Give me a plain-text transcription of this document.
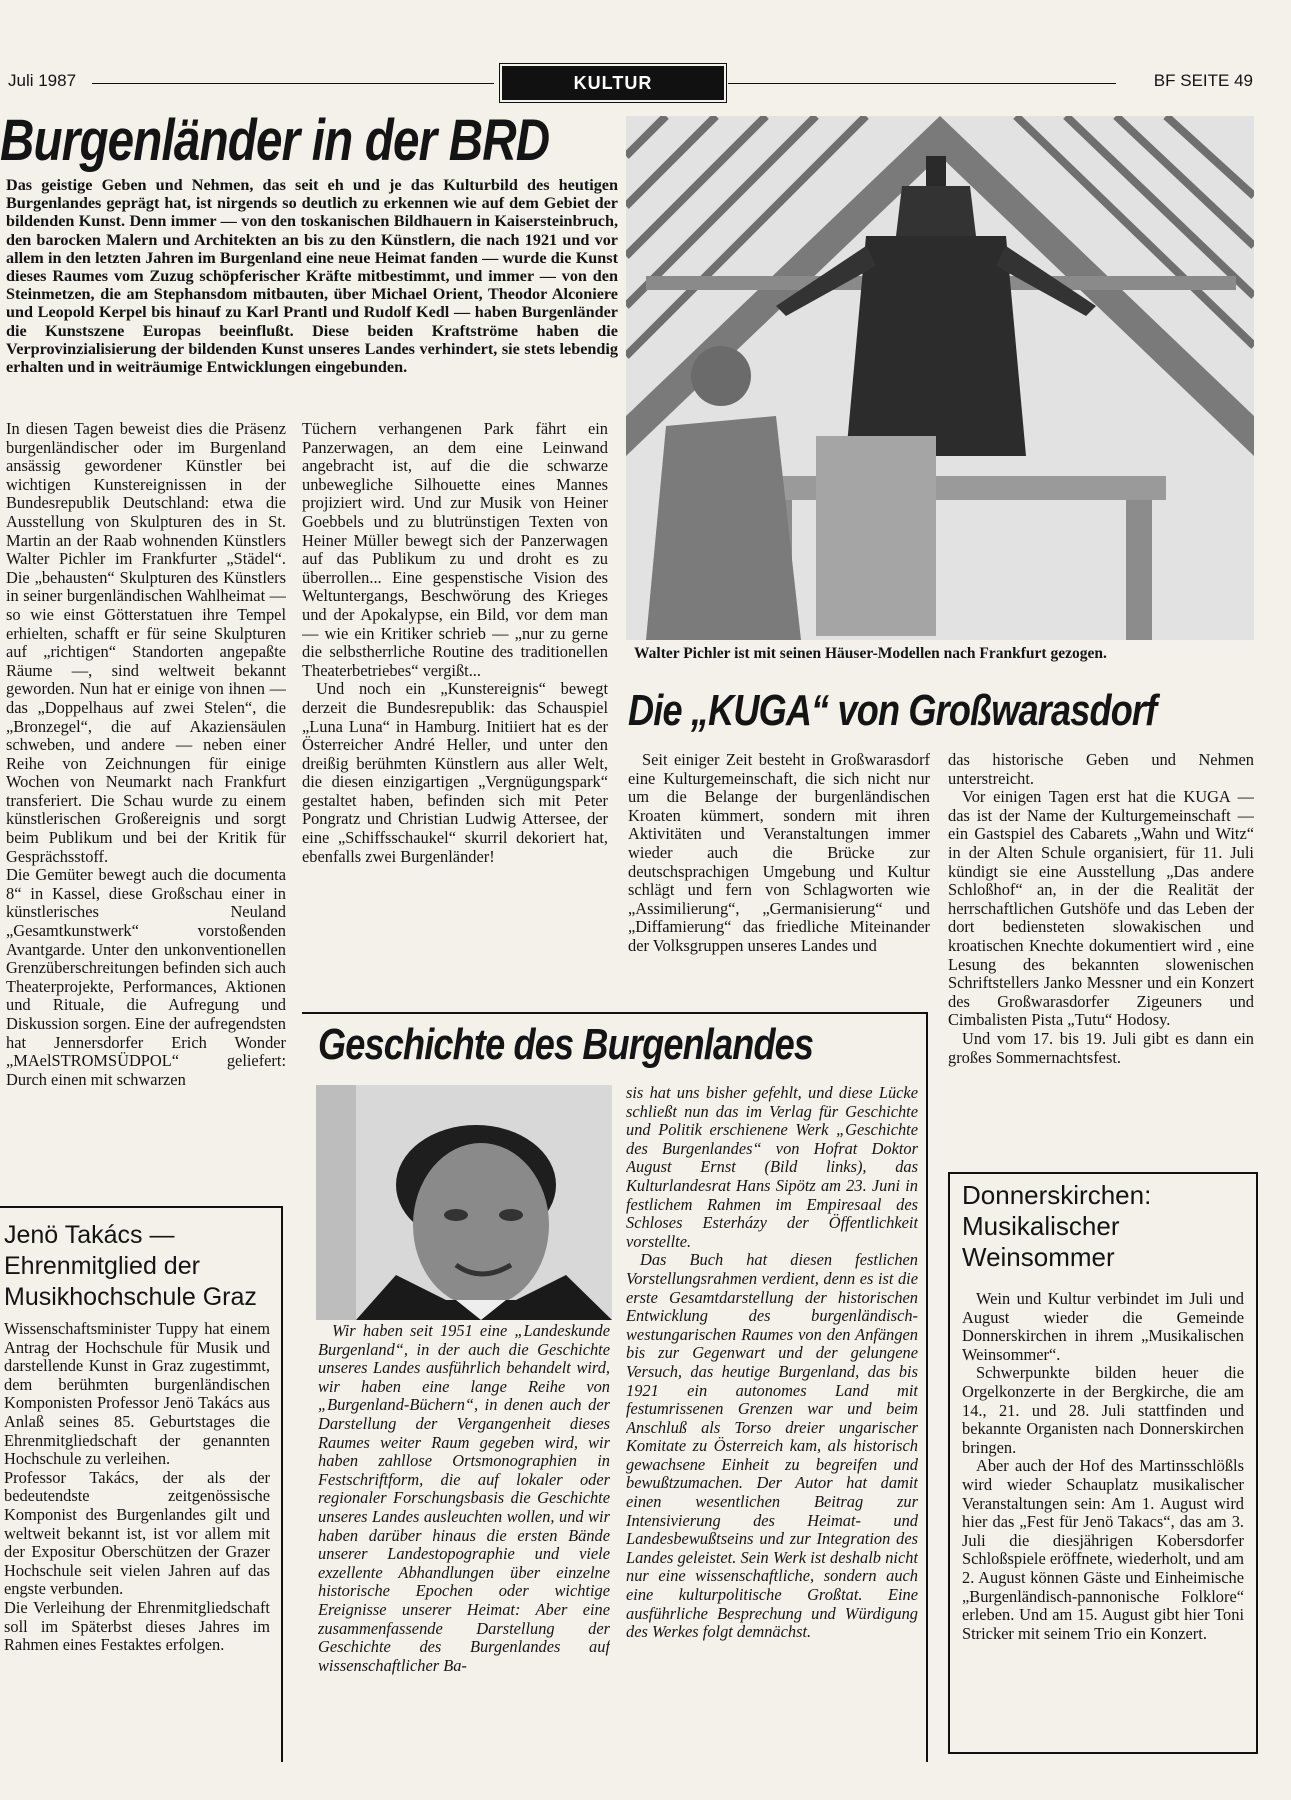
Juli 1987	KULTUR	BF SEITE 49
Burgenländer in der BRD
Das geistige Geben und Nehmen, das seit eh und je das Kulturbild des heutigen Burgenlandes geprägt hat, ist nirgends so deutlich zu erkennen wie auf dem Gebiet der bildenden Kunst. Denn immer — von den toskanischen Bildhauern in Kaisersteinbruch, den barocken Malern und Architekten an bis zu den Künstlern, die nach 1921 und vor allem in den letzten Jahren im Burgenland eine neue Heimat fanden — wurde die Kunst dieses Raumes vom Zuzug schöpferischer Kräfte mitbestimmt, und immer — von den Steinmetzen, die am Stephansdom mitbauten, über Michael Orient, Theodor Alconiere und Leopold Kerpel bis hinauf zu Karl Prantl und Rudolf Kedl — haben Burgenländer die Kunstszene Europas beeinflußt. Diese beiden Kraftströme haben die Verprovinzialisierung der bildenden Kunst unseres Landes verhindert, sie stets lebendig erhalten und in weiträumige Entwicklungen eingebunden.

In diesen Tagen beweist dies die Präsenz burgenländischer oder im Burgenland ansässig gewordener Künstler bei wichtigen Kunstereignissen in der Bundesrepublik Deutschland: etwa die Ausstellung von Skulpturen des in St. Martin an der Raab wohnenden Künstlers Walter Pichler im Frankfurter „Städel“. Die „behausten“ Skulpturen des Künstlers in seiner burgenländischen Wahlheimat — so wie einst Götterstatuen ihre Tempel erhielten, schafft er für seine Skulpturen auf „richtigen“ Standorten angepaßte Räume —, sind weltweit bekannt geworden. Nun hat er einige von ihnen — das „Doppelhaus auf zwei Stelen“, die „Bronzegel“, die auf Akaziensäulen schweben, und andere — neben einer Reihe von Zeichnungen für einige Wochen von Neumarkt nach Frankfurt transferiert. Die Schau wurde zu einem künstlerischen Großereignis und sorgt beim Publikum und bei der Kritik für Gesprächsstoff.

Die Gemüter bewegt auch die documenta 8“ in Kassel, diese Großschau einer in künstlerisches Neuland „Gesamtkunstwerk“ vorstoßenden Avantgarde. Unter den unkonventionellen Grenzüberschreitungen befinden sich auch Theaterprojekte, Performances, Aktionen und Rituale, die Aufregung und Diskussion sorgen. Eine der aufregendsten hat Jennersdorfer Erich Wonder „MAelSTROMSÜDPOL“ geliefert: Durch einen mit schwarzen

Tüchern verhangenen Park fährt ein Panzerwagen, an dem eine Leinwand angebracht ist, auf die die schwarze unbewegliche Silhouette eines Mannes projiziert wird. Und zur Musik von Heiner Goebbels und zu blutrünstigen Texten von Heiner Müller bewegt sich der Panzerwagen auf das Publikum zu und droht es zu überrollen... Eine gespenstische Vision des Weltuntergangs, Beschwörung des Krieges und der Apokalypse, ein Bild, vor dem man — wie ein Kritiker schrieb — „nur zu gerne die selbstherrliche Routine des traditionellen Theaterbetriebes“ vergißt...

Und noch ein „Kunstereignis“ bewegt derzeit die Bundesrepublik: das Schauspiel „Luna Luna“ in Hamburg. Initiiert hat es der Österreicher André Heller, und unter den dreißig berühmten Künstlern aus aller Welt, die diesen einzigartigen „Vergnügungspark“ gestaltet haben, befinden sich mit Peter Pongratz und Christian Ludwig Attersee, der eine „Schiffsschaukel“ skurril dekoriert hat, ebenfalls zwei Burgenländer!

Walter Pichler ist mit seinen Häuser-Modellen nach Frankfurt gezogen.
Die „KUGA“ von Großwarasdorf

Seit einiger Zeit besteht in Großwarasdorf eine Kulturgemeinschaft, die sich nicht nur um die Belange der burgenländischen Kroaten kümmert, sondern mit ihren Aktivitäten und Veranstaltungen immer wieder auch die Brücke zur deutschsprachigen Umgebung und Kultur schlägt und fern von Schlagworten wie „Assimilierung“, „Germanisierung“ und „Diffamierung“ das friedliche Miteinander der Volksgruppen unseres Landes und

das historische Geben und Nehmen unterstreicht.

Vor einigen Tagen erst hat die KUGA — das ist der Name der Kulturgemeinschaft — ein Gastspiel des Cabarets „Wahn und Witz“ in der Alten Schule organisiert, für 11. Juli kündigt sie eine Ausstellung „Das andere Schloßhof“ an, in der die Realität der herrschaftlichen Gutshöfe und das Leben der dort bediensteten slowakischen und kroatischen Knechte dokumentiert wird , eine Lesung des bekannten slowenischen Schriftstellers Janko Messner und ein Konzert des Großwarasdorfer Zigeuners und Cimbalisten Pista „Tutu“ Hodosy.

Und vom 17. bis 19. Juli gibt es dann ein großes Sommernachtsfest.

Jenö Takács — Ehrenmitglied der Musikhochschule Graz

Wissenschaftsminister Tuppy hat einem Antrag der Hochschule für Musik und darstellende Kunst in Graz zugestimmt, dem berühmten burgenländischen Komponisten Professor Jenö Takács aus Anlaß seines 85. Geburtstages die Ehrenmitgliedschaft der genannten Hochschule zu verleihen.

Professor Takács, der als der bedeutendste zeitgenössische Komponist des Burgenlandes gilt und weltweit bekannt ist, ist vor allem mit der Expositur Oberschützen der Grazer Hochschule seit vielen Jahren auf das engste verbunden.

Die Verleihung der Ehrenmitgliedschaft soll im Späterbst dieses Jahres im Rahmen eines Festaktes erfolgen.

Geschichte des Burgenlandes

Wir haben seit 1951 eine „Landeskunde Burgenland“, in der auch die Geschichte unseres Landes ausführlich behandelt wird, wir haben eine lange Reihe von „Burgenland-Büchern“, in denen auch der Darstellung der Vergangenheit dieses Raumes weiter Raum gegeben wird, wir haben zahllose Ortsmonographien in Festschriftform, die auf lokaler oder regionaler Forschungsbasis die Geschichte unseres Landes ausleuchten wollen, und wir haben darüber hinaus die ersten Bände unserer Landestopographie und viele exzellente Abhandlungen über einzelne historische Epochen oder wichtige Ereignisse unserer Heimat: Aber eine zusammenfassende Darstellung der Geschichte des Burgenlandes auf wissenschaftlicher Ba-

sis hat uns bisher gefehlt, und diese Lücke schließt nun das im Verlag für Geschichte und Politik erschienene Werk „Geschichte des Burgenlandes“ von Hofrat Doktor August Ernst (Bild links), das Kulturlandesrat Hans Sipötz am 23. Juni in festlichem Rahmen im Empiresaal des Schloses Esterházy der Öffentlichkeit vorstellte.

Das Buch hat diesen festlichen Vorstellungsrahmen verdient, denn es ist die erste Gesamtdarstellung der historischen Entwicklung des burgenländisch-westungarischen Raumes von den Anfängen bis zur Gegenwart und der gelungene Versuch, das heutige Burgenland, das bis 1921 ein autonomes Land mit festumrissenen Grenzen war und beim Anschluß als Torso dreier ungarischer Komitate zu Österreich kam, als historisch gewachsene Einheit zu begreifen und bewußtzumachen. Der Autor hat damit einen wesentlichen Beitrag zur Intensivierung des Heimat- und Landesbewußtseins und zur Integration des Landes geleistet. Sein Werk ist deshalb nicht nur eine wissenschaftliche, sondern auch eine kulturpolitische Großtat. Eine ausführliche Besprechung und Würdigung des Werkes folgt demnächst.

Donnerskirchen: Musikalischer Weinsommer

Wein und Kultur verbindet im Juli und August wieder die Gemeinde Donnerskirchen in ihrem „Musikalischen Weinsommer“.

Schwerpunkte bilden heuer die Orgelkonzerte in der Bergkirche, die am 14., 21. und 28. Juli stattfinden und bekannte Organisten nach Donnerskirchen bringen.

Aber auch der Hof des Martinsschlößls wird wieder Schauplatz musikalischer Veranstaltungen sein: Am 1. August wird hier das „Fest für Jenö Takacs“, das am 3. Juli die diesjährigen Kobersdorfer Schloßspiele eröffnete, wiederholt, und am 2. August können Gäste und Einheimische „Burgenländisch-pannonische Folklore“ erleben. Und am 15. August gibt hier Toni Stricker mit seinem Trio ein Konzert.
